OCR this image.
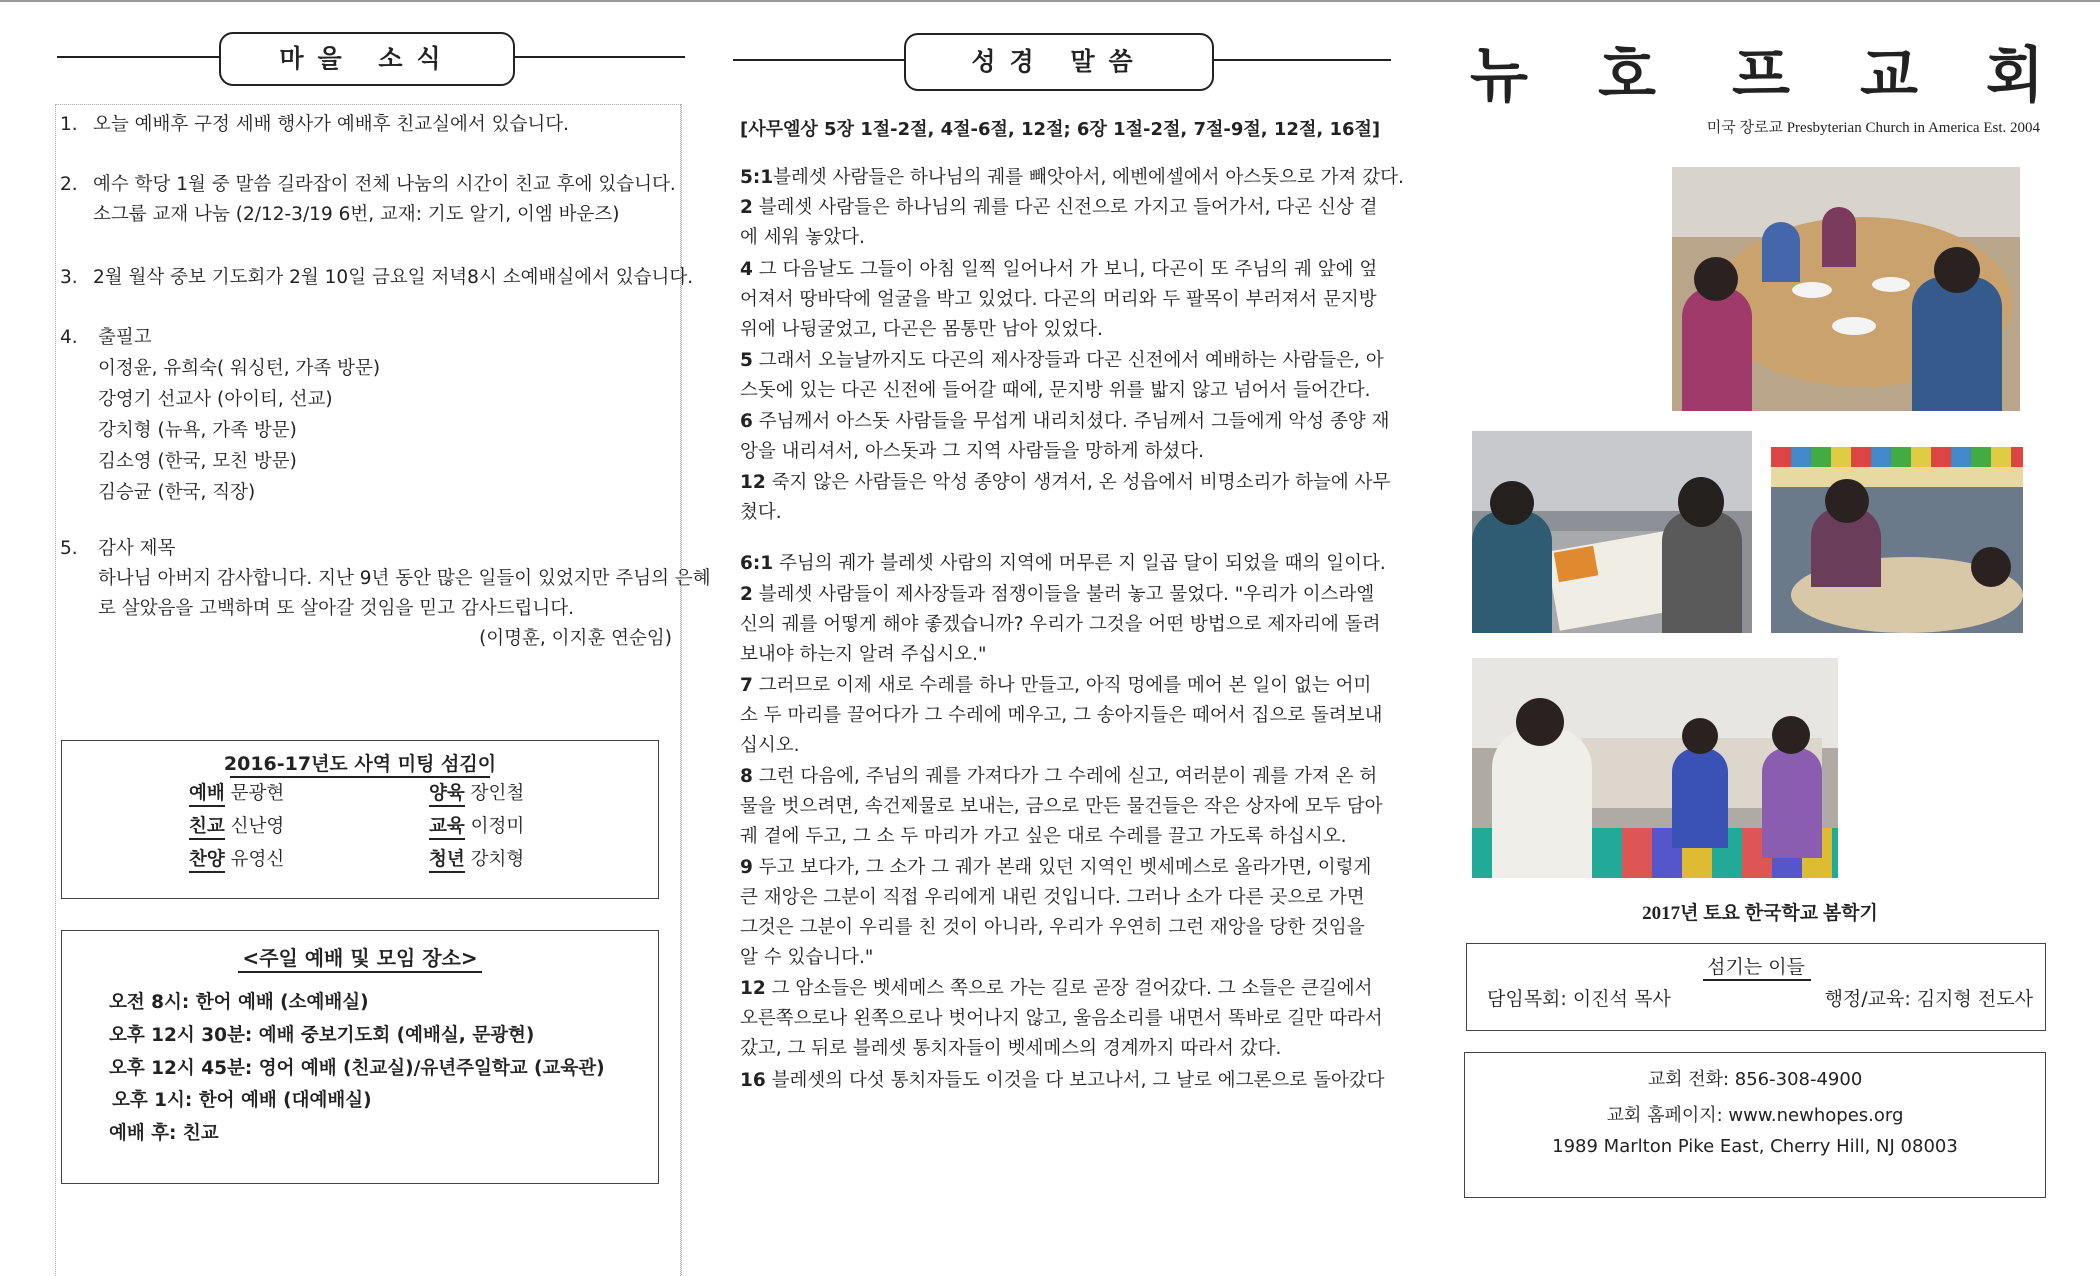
마을 소식
1. 오늘 예배후 구정 세배 행사가 예배후 친교실에서 있습니다.
2. 예수 학당 1월 중 말씀 길라잡이 전체 나눔의 시간이 친교 후에 있습니다.
소그룹 교재 나눔 (2/12-3/19 6번, 교재: 기도 알기, 이엠 바운즈)
3. 2월 월삭 중보 기도회가 2월 10일 금요일 저녁8시 소예배실에서 있습니다.
4. 출필고
이정윤, 유희숙( 워싱턴, 가족 방문)
강영기 선교사 (아이티, 선교)
강치형 (뉴욕, 가족 방문)
김소영 (한국, 모친 방문)
김승균 (한국, 직장)
5. 감사 제목
하나님 아버지 감사합니다. 지난 9년 동안 많은 일들이 있었지만 주님의 은혜
로 살았음을 고백하며 또 살아갈 것임을 믿고 감사드립니다.
(이명훈, 이지훈 연순임)
2016-17년도 사역 미팅 섬김이
예배 문광현	양육 장인철
친교 신난영	교육 이정미
찬양 유영신	청년 강치형
<주일 예배 및 모임 장소>
오전 8시: 한어 예배 (소예배실)
오후 12시 30분: 예배 중보기도회 (예배실, 문광현)
오후 12시 45분: 영어 예배 (친교실)/유년주일학교 (교육관)
오후 1시: 한어 예배 (대예배실)
예배 후: 친교
성경 말씀
[사무엘상 5장 1절-2절, 4절-6절, 12절; 6장 1절-2절, 7절-9절, 12절, 16절]
5:1블레셋 사람들은 하나님의 궤를 빼앗아서, 에벤에셀에서 아스돗으로 가져 갔다.
2 블레셋 사람들은 하나님의 궤를 다곤 신전으로 가지고 들어가서, 다곤 신상 곁
에 세워 놓았다.
4 그 다음날도 그들이 아침 일찍 일어나서 가 보니, 다곤이 또 주님의 궤 앞에 엎
어져서 땅바닥에 얼굴을 박고 있었다. 다곤의 머리와 두 팔목이 부러져서 문지방
위에 나뒹굴었고, 다곤은 몸통만 남아 있었다.
5 그래서 오늘날까지도 다곤의 제사장들과 다곤 신전에서 예배하는 사람들은, 아
스돗에 있는 다곤 신전에 들어갈 때에, 문지방 위를 밟지 않고 넘어서 들어간다.
6 주님께서 아스돗 사람들을 무섭게 내리치셨다. 주님께서 그들에게 악성 종양 재
앙을 내리셔서, 아스돗과 그 지역 사람들을 망하게 하셨다.
12 죽지 않은 사람들은 악성 종양이 생겨서, 온 성읍에서 비명소리가 하늘에 사무
쳤다.
6:1 주님의 궤가 블레셋 사람의 지역에 머무른 지 일곱 달이 되었을 때의 일이다.
2 블레셋 사람들이 제사장들과 점쟁이들을 불러 놓고 물었다. "우리가 이스라엘
신의 궤를 어떻게 해야 좋겠습니까? 우리가 그것을 어떤 방법으로 제자리에 돌려
보내야 하는지 알려 주십시오."
7 그러므로 이제 새로 수레를 하나 만들고, 아직 멍에를 메어 본 일이 없는 어미
소 두 마리를 끌어다가 그 수레에 메우고, 그 송아지들은 떼어서 집으로 돌려보내
십시오.
8 그런 다음에, 주님의 궤를 가져다가 그 수레에 싣고, 여러분이 궤를 가져 온 허
물을 벗으려면, 속건제물로 보내는, 금으로 만든 물건들은 작은 상자에 모두 담아
궤 곁에 두고, 그 소 두 마리가 가고 싶은 대로 수레를 끌고 가도록 하십시오.
9 두고 보다가, 그 소가 그 궤가 본래 있던 지역인 벳세메스로 올라가면, 이렇게
큰 재앙은 그분이 직접 우리에게 내린 것입니다. 그러나 소가 다른 곳으로 가면
그것은 그분이 우리를 친 것이 아니라, 우리가 우연히 그런 재앙을 당한 것임을
알 수 있습니다."
12 그 암소들은 벳세메스 쪽으로 가는 길로 곧장 걸어갔다. 그 소들은 큰길에서
오른쪽으로나 왼쪽으로나 벗어나지 않고, 울음소리를 내면서 똑바로 길만 따라서
갔고, 그 뒤로 블레셋 통치자들이 벳세메스의 경계까지 따라서 갔다.
16 블레셋의 다섯 통치자들도 이것을 다 보고나서, 그 날로 에그론으로 돌아갔다
뉴 호 프 교 회
미국 장로교 Presbyterian Church in America Est. 2004
2017년 토요 한국학교 봄학기
섬기는 이들
담임목회: 이진석 목사	행정/교육: 김지형 전도사
교회 전화: 856-308-4900
교회 홈페이지: www.newhopes.org
1989 Marlton Pike East, Cherry Hill, NJ 08003
